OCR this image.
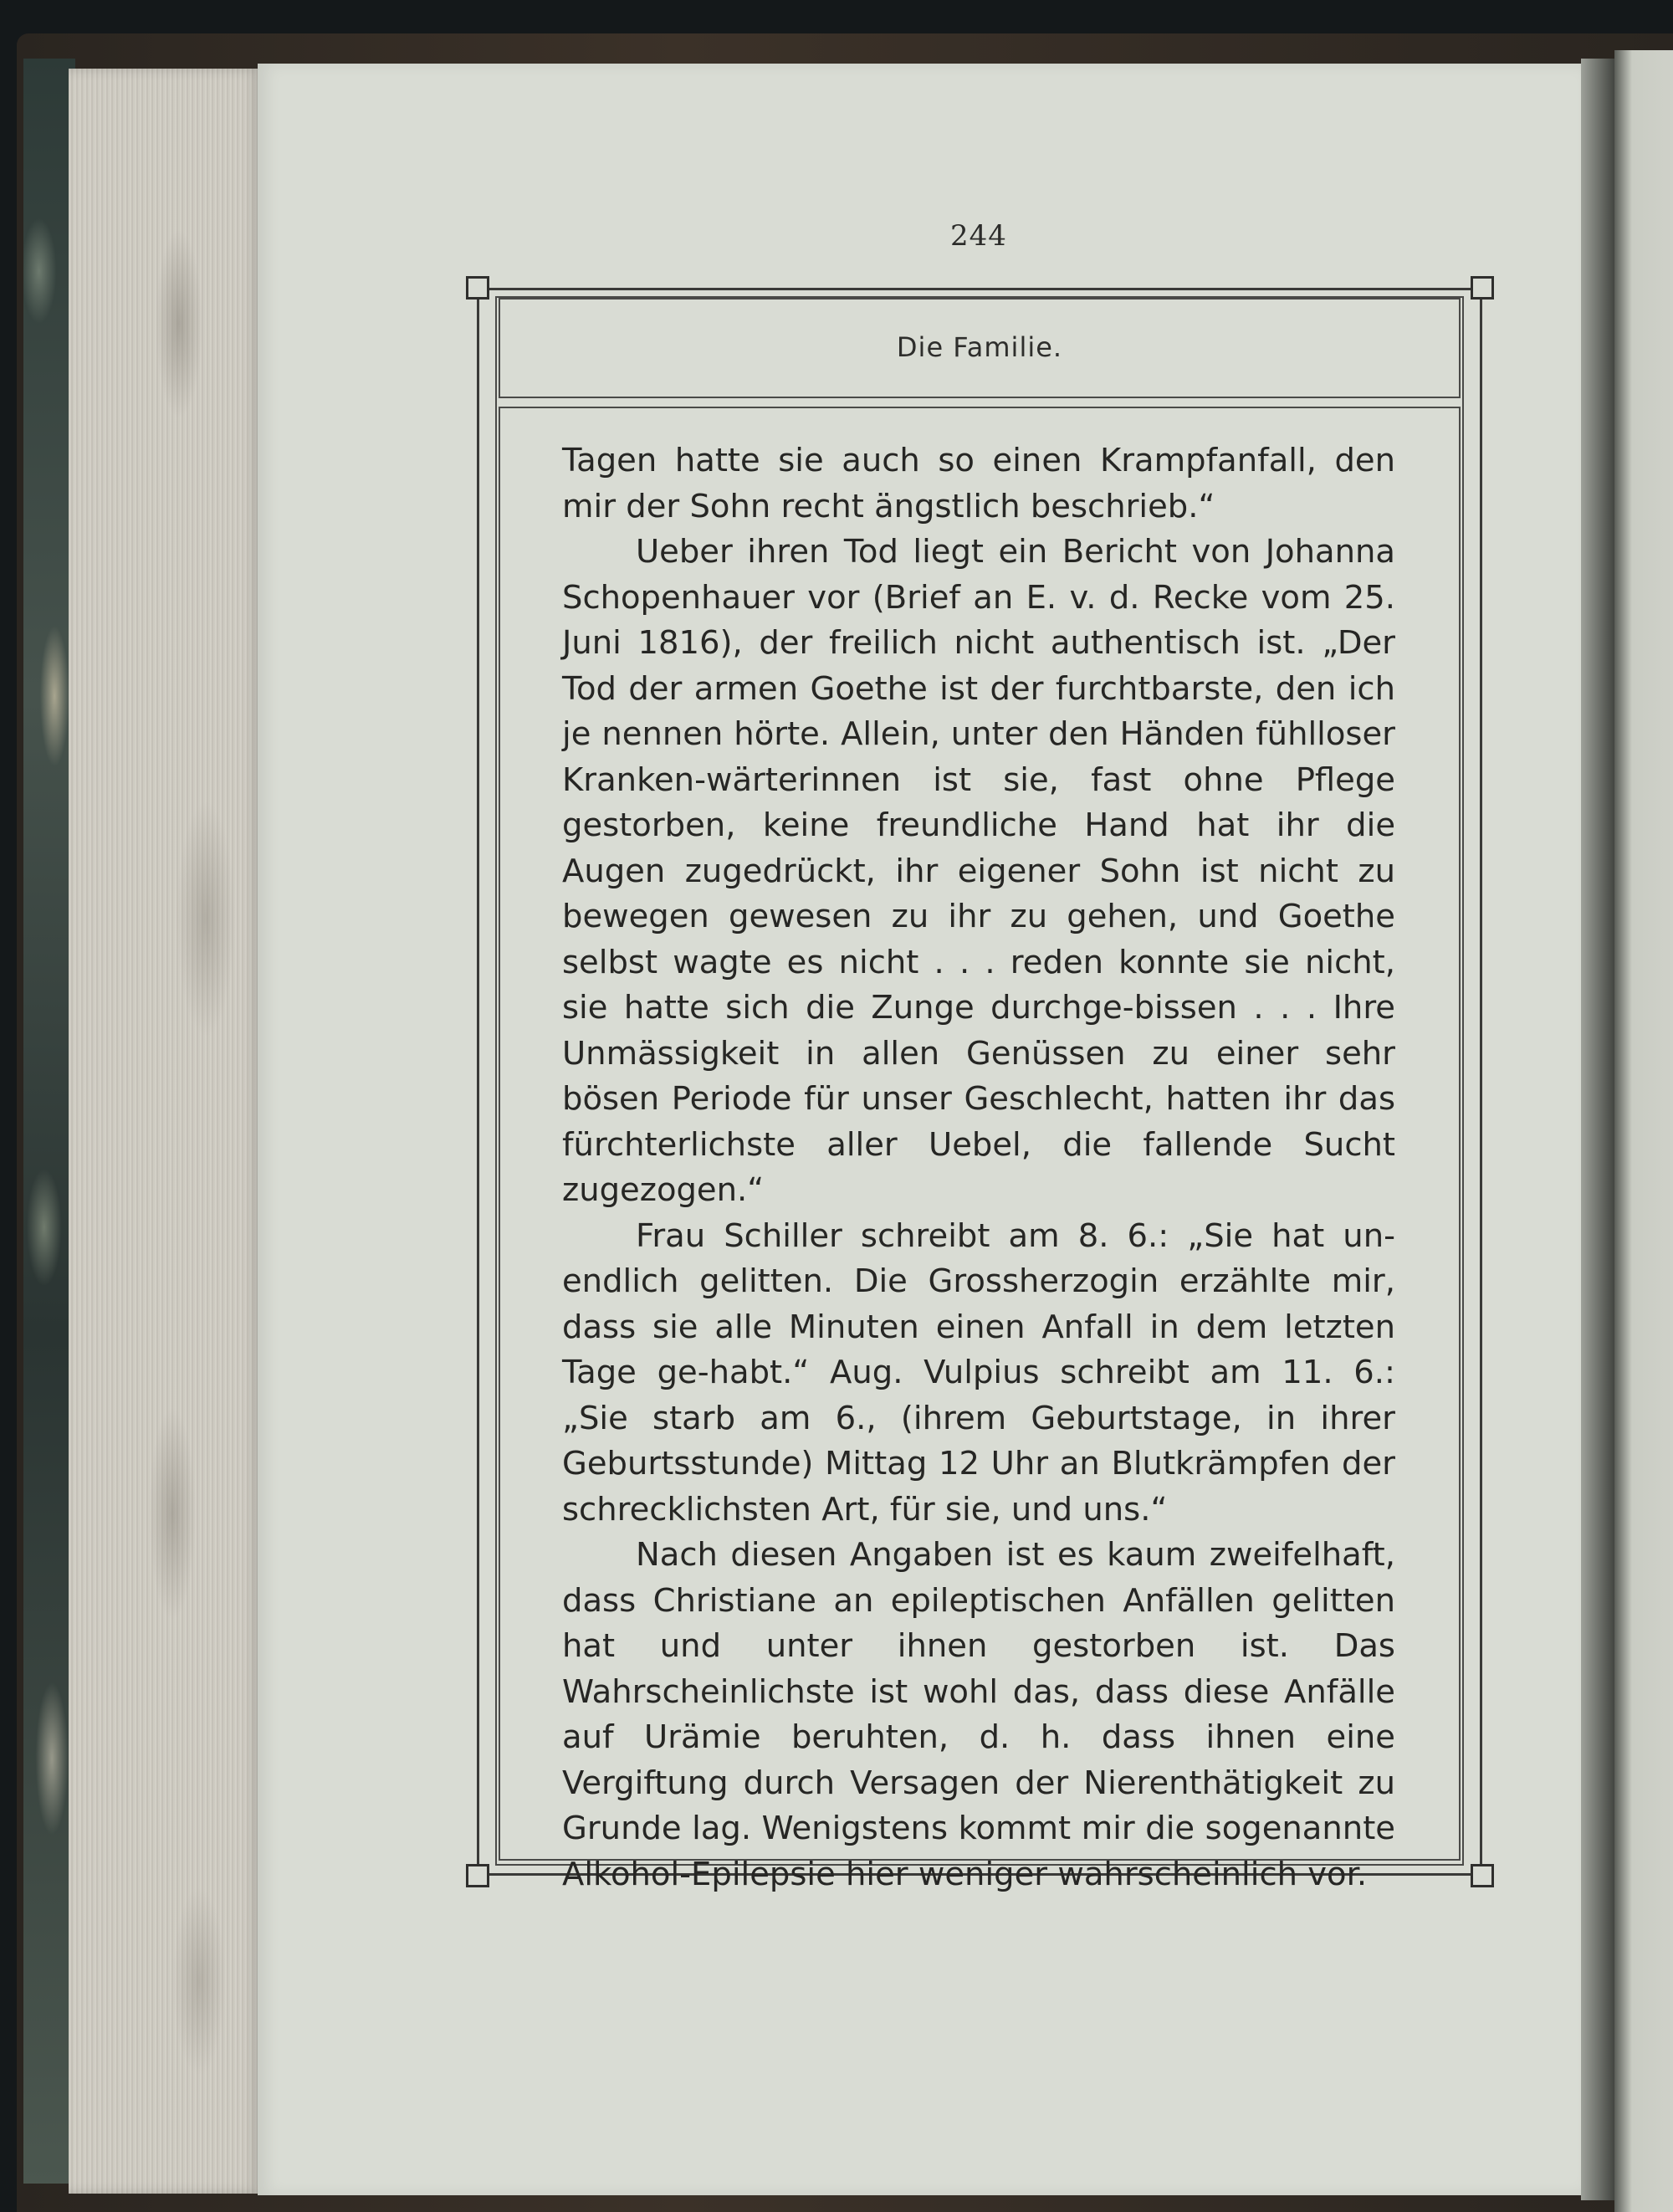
244
Die Familie.

Tagen hatte sie auch so einen Krampfanfall, den mir der Sohn recht ängstlich beschrieb.“

Ueber ihren Tod liegt ein Bericht von Johanna Schopenhauer vor (Brief an E. v. d. Recke vom 25. Juni 1816), der freilich nicht authentisch ist. „Der Tod der armen Goethe ist der furchtbarste, den ich je nennen hörte. Allein, unter den Händen fühlloser Kranken-wärterinnen ist sie, fast ohne Pflege gestorben, keine freundliche Hand hat ihr die Augen zugedrückt, ihr eigener Sohn ist nicht zu bewegen gewesen zu ihr zu gehen, und Goethe selbst wagte es nicht . . . reden konnte sie nicht, sie hatte sich die Zunge durchge-bissen . . . Ihre Unmässigkeit in allen Genüssen zu einer sehr bösen Periode für unser Geschlecht, hatten ihr das fürchterlichste aller Uebel, die fallende Sucht zugezogen.“

Frau Schiller schreibt am 8. 6.: „Sie hat un-endlich gelitten. Die Grossherzogin erzählte mir, dass sie alle Minuten einen Anfall in dem letzten Tage ge-habt.“ Aug. Vulpius schreibt am 11. 6.: „Sie starb am 6., (ihrem Geburtstage, in ihrer Geburtsstunde) Mittag 12 Uhr an Blutkrämpfen der schrecklichsten Art, für sie, und uns.“

Nach diesen Angaben ist es kaum zweifelhaft, dass Christiane an epileptischen Anfällen gelitten hat und unter ihnen gestorben ist. Das Wahrscheinlichste ist wohl das, dass diese Anfälle auf Urämie beruhten, d. h. dass ihnen eine Vergiftung durch Versagen der Nierenthätigkeit zu Grunde lag. Wenigstens kommt mir die sogenannte Alkohol-Epilepsie hier weniger wahrscheinlich vor.
